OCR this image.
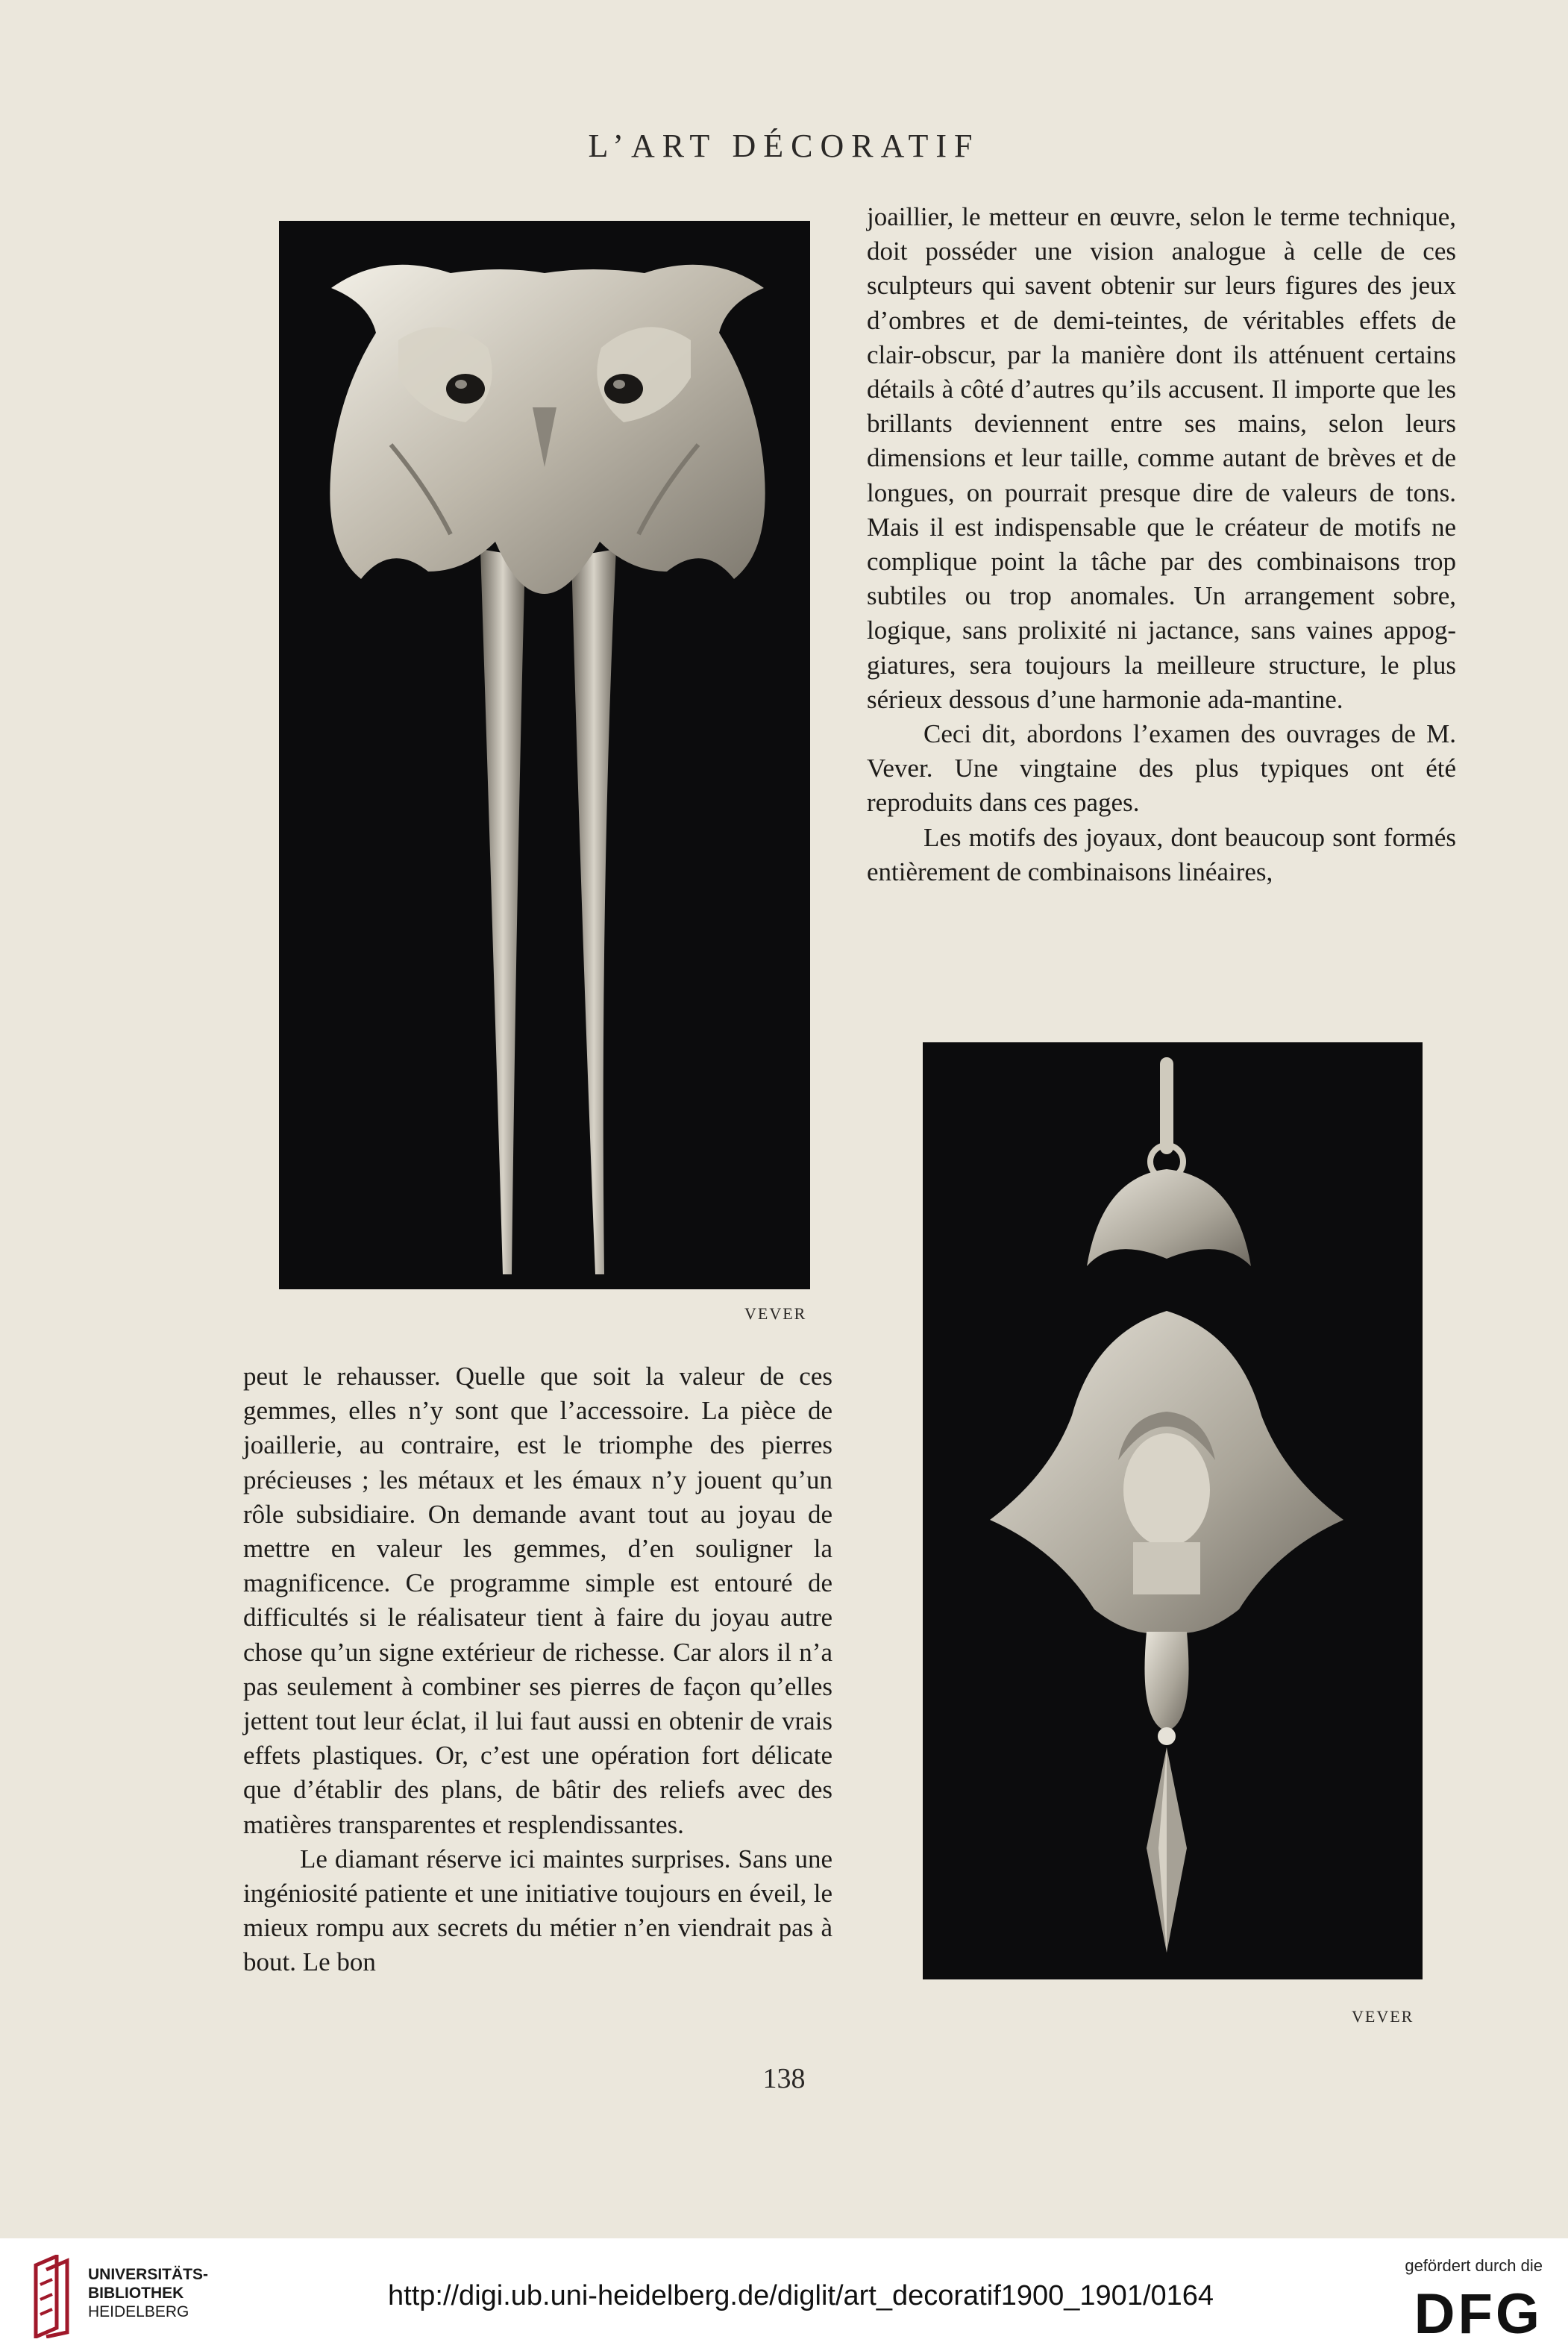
L’ART DÉCORATIF
VEVER

joaillier, le metteur en œuvre, selon le terme technique, doit posséder une vision analogue à celle de ces sculpteurs qui savent obtenir sur leurs figures des jeux d’ombres et de demi-teintes, de véritables effets de clair-obscur, par la manière dont ils atténuent certains détails à côté d’autres qu’ils accusent. Il importe que les brillants deviennent entre ses mains, selon leurs dimensions et leur taille, comme autant de brèves et de longues, on pourrait presque dire de valeurs de tons. Mais il est indispensable que le créateur de motifs ne complique point la tâche par des combinaisons trop subtiles ou trop anomales. Un arrangement sobre, logique, sans prolixité ni jactance, sans vaines appog-giatures, sera toujours la meilleure structure, le plus sérieux dessous d’une harmonie ada-mantine.

Ceci dit, abordons l’examen des ouvrages de M. Vever. Une vingtaine des plus typiques ont été reproduits dans ces pages.

Les motifs des joyaux, dont beaucoup sont formés entièrement de combinaisons linéaires,

VEVER

peut le rehausser. Quelle que soit la valeur de ces gemmes, elles n’y sont que l’accessoire. La pièce de joaillerie, au contraire, est le triomphe des pierres précieuses ; les métaux et les émaux n’y jouent qu’un rôle subsidiaire. On demande avant tout au joyau de mettre en valeur les gemmes, d’en souligner la magnificence. Ce programme simple est entouré de difficultés si le réalisateur tient à faire du joyau autre chose qu’un signe extérieur de richesse. Car alors il n’a pas seulement à combiner ses pierres de façon qu’elles jettent tout leur éclat, il lui faut aussi en obtenir de vrais effets plastiques. Or, c’est une opération fort délicate que d’établir des plans, de bâtir des reliefs avec des matières transparentes et resplendissantes.

Le diamant réserve ici maintes surprises. Sans une ingéniosité patiente et une initiative toujours en éveil, le mieux rompu aux secrets du métier n’en viendrait pas à bout. Le bon

138
UNIVERSITÄTS-
BIBLIOTHEK
HEIDELBERG
http://digi.ub.uni-heidelberg.de/diglit/art_decoratif1900_1901/0164
gefördert durch die
DFG
